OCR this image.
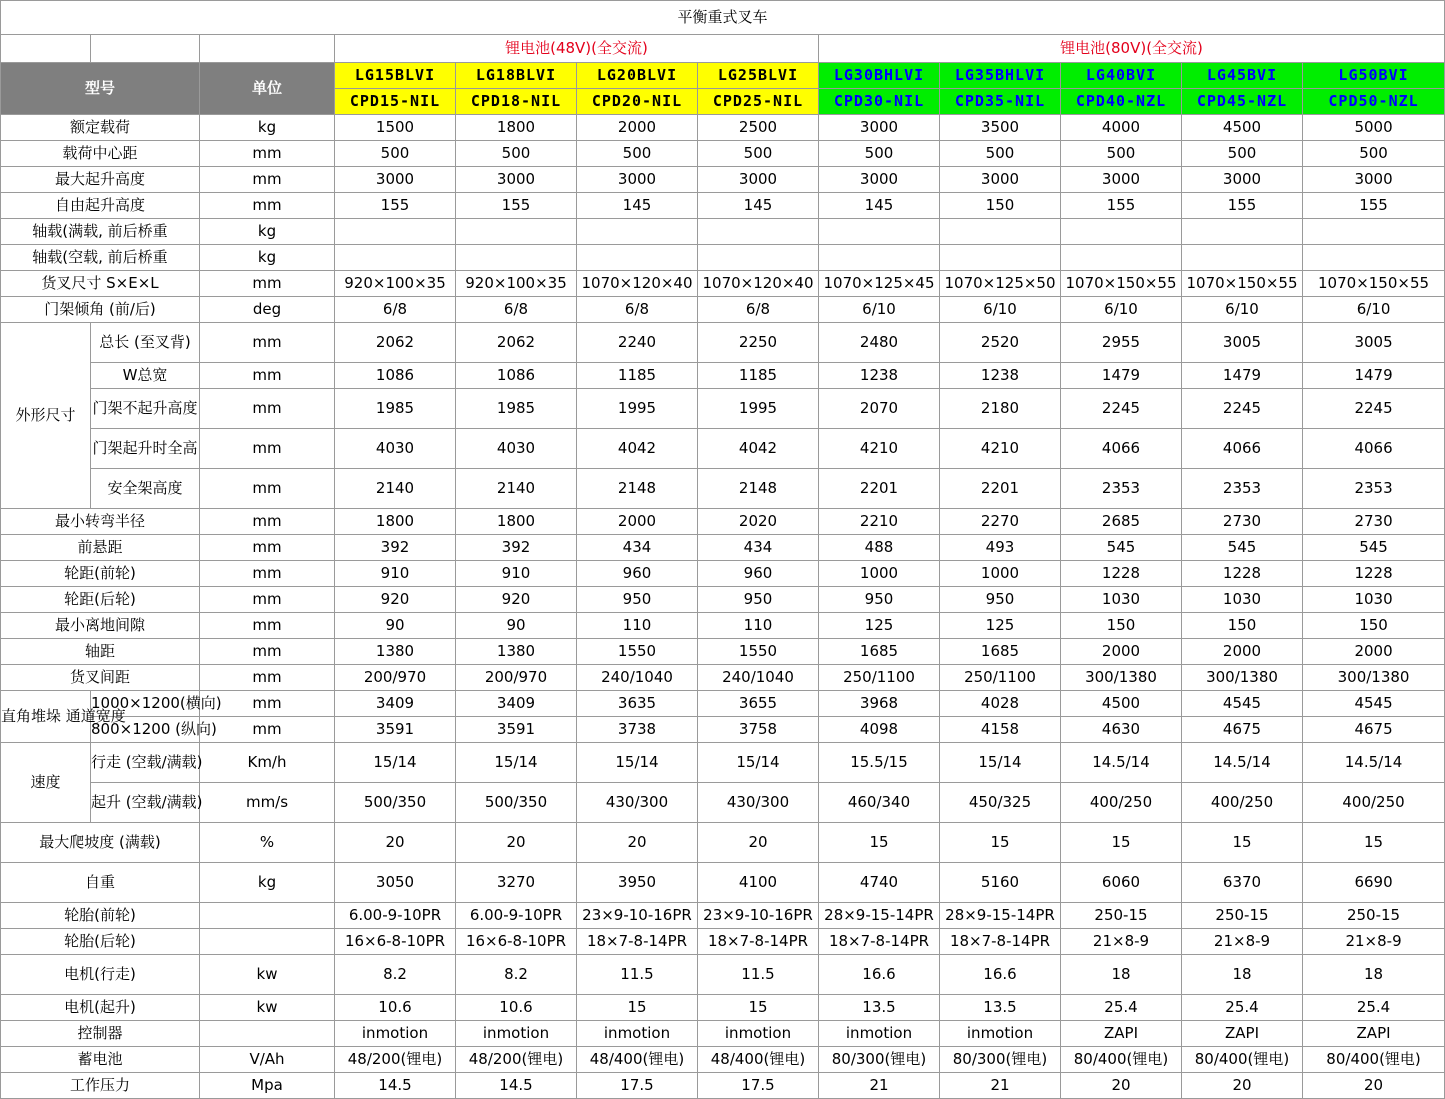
平衡重式叉车											
			锂电池(48V)(全交流)				锂电池(80V)(全交流)				
型号		单位	LG15BLVI	LG18BLVI	LG20BLVI	LG25BLVI	LG30BHLVI	LG35BHLVI	LG40BVI	LG45BVI	LG50BVI
			CPD15-NIL	CPD18-NIL	CPD20-NIL	CPD25-NIL	CPD30-NIL	CPD35-NIL	CPD40-NZL	CPD45-NZL	CPD50-NZL
额定载荷		kg	1500	1800	2000	2500	3000	3500	4000	4500	5000
载荷中心距		mm	500	500	500	500	500	500	500	500	500
最大起升高度		mm	3000	3000	3000	3000	3000	3000	3000	3000	3000
自由起升高度		mm	155	155	145	145	145	150	155	155	155
轴载(满载, 前后桥重		kg									
轴载(空载, 前后桥重		kg									
货叉尺寸 S×E×L		mm	920×100×35	920×100×35	1070×120×40	1070×120×40	1070×125×45	1070×125×50	1070×150×55	1070×150×55	1070×150×55
门架倾角 (前/后)		deg	6/8	6/8	6/8	6/8	6/10	6/10	6/10	6/10	6/10
外形尺寸	总长 (至叉背)	mm	2062	2062	2240	2250	2480	2520	2955	3005	3005
	W总宽	mm	1086	1086	1185	1185	1238	1238	1479	1479	1479
	门架不起升高度	mm	1985	1985	1995	1995	2070	2180	2245	2245	2245
	门架起升时全高	mm	4030	4030	4042	4042	4210	4210	4066	4066	4066
	安全架高度	mm	2140	2140	2148	2148	2201	2201	2353	2353	2353
最小转弯半径		mm	1800	1800	2000	2020	2210	2270	2685	2730	2730
前悬距		mm	392	392	434	434	488	493	545	545	545
轮距(前轮)		mm	910	910	960	960	1000	1000	1228	1228	1228
轮距(后轮)		mm	920	920	950	950	950	950	1030	1030	1030
最小离地间隙		mm	90	90	110	110	125	125	150	150	150
轴距		mm	1380	1380	1550	1550	1685	1685	2000	2000	2000
货叉间距		mm	200/970	200/970	240/1040	240/1040	250/1100	250/1100	300/1380	300/1380	300/1380
直角堆垛 通道宽度	1000×1200(横向)	mm	3409	3409	3635	3655	3968	4028	4500	4545	4545
	800×1200 (纵向)	mm	3591	3591	3738	3758	4098	4158	4630	4675	4675
速度	行走 (空载/满载)	Km/h	15/14	15/14	15/14	15/14	15.5/15	15/14	14.5/14	14.5/14	14.5/14
	起升 (空载/满载)	mm/s	500/350	500/350	430/300	430/300	460/340	450/325	400/250	400/250	400/250
最大爬坡度 (满载)		%	20	20	20	20	15	15	15	15	15
自重		kg	3050	3270	3950	4100	4740	5160	6060	6370	6690
轮胎(前轮)			6.00-9-10PR	6.00-9-10PR	23×9-10-16PR	23×9-10-16PR	28×9-15-14PR	28×9-15-14PR	250-15	250-15	250-15
轮胎(后轮)			16×6-8-10PR	16×6-8-10PR	18×7-8-14PR	18×7-8-14PR	18×7-8-14PR	18×7-8-14PR	21×8-9	21×8-9	21×8-9
电机(行走)		kw	8.2	8.2	11.5	11.5	16.6	16.6	18	18	18
电机(起升)		kw	10.6	10.6	15	15	13.5	13.5	25.4	25.4	25.4
控制器			inmotion	inmotion	inmotion	inmotion	inmotion	inmotion	ZAPI	ZAPI	ZAPI
蓄电池		V/Ah	48/200(锂电)	48/200(锂电)	48/400(锂电)	48/400(锂电)	80/300(锂电)	80/300(锂电)	80/400(锂电)	80/400(锂电)	80/400(锂电)
工作压力		Mpa	14.5	14.5	17.5	17.5	21	21	20	20	20
